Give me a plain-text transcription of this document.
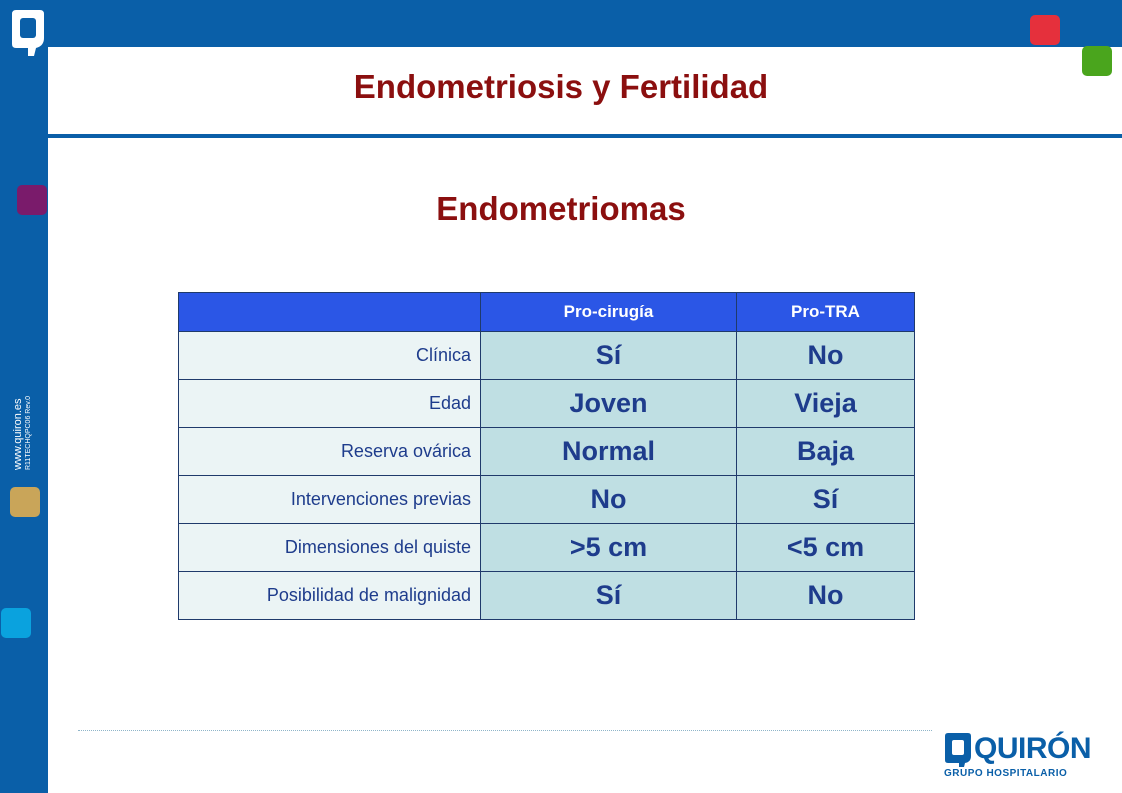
www.quiron.es R11TECHQPC06 Rev.0
Endometriosis y Fertilidad
Endometriomas
	Pro-cirugía	Pro-TRA
Clínica	Sí	No
Edad	Joven	Vieja
Reserva ovárica	Normal	Baja
Intervenciones previas	No	Sí
Dimensiones del quiste	>5 cm	<5 cm
Posibilidad de malignidad	Sí	No
QUIRÓN
GRUPO HOSPITALARIO
